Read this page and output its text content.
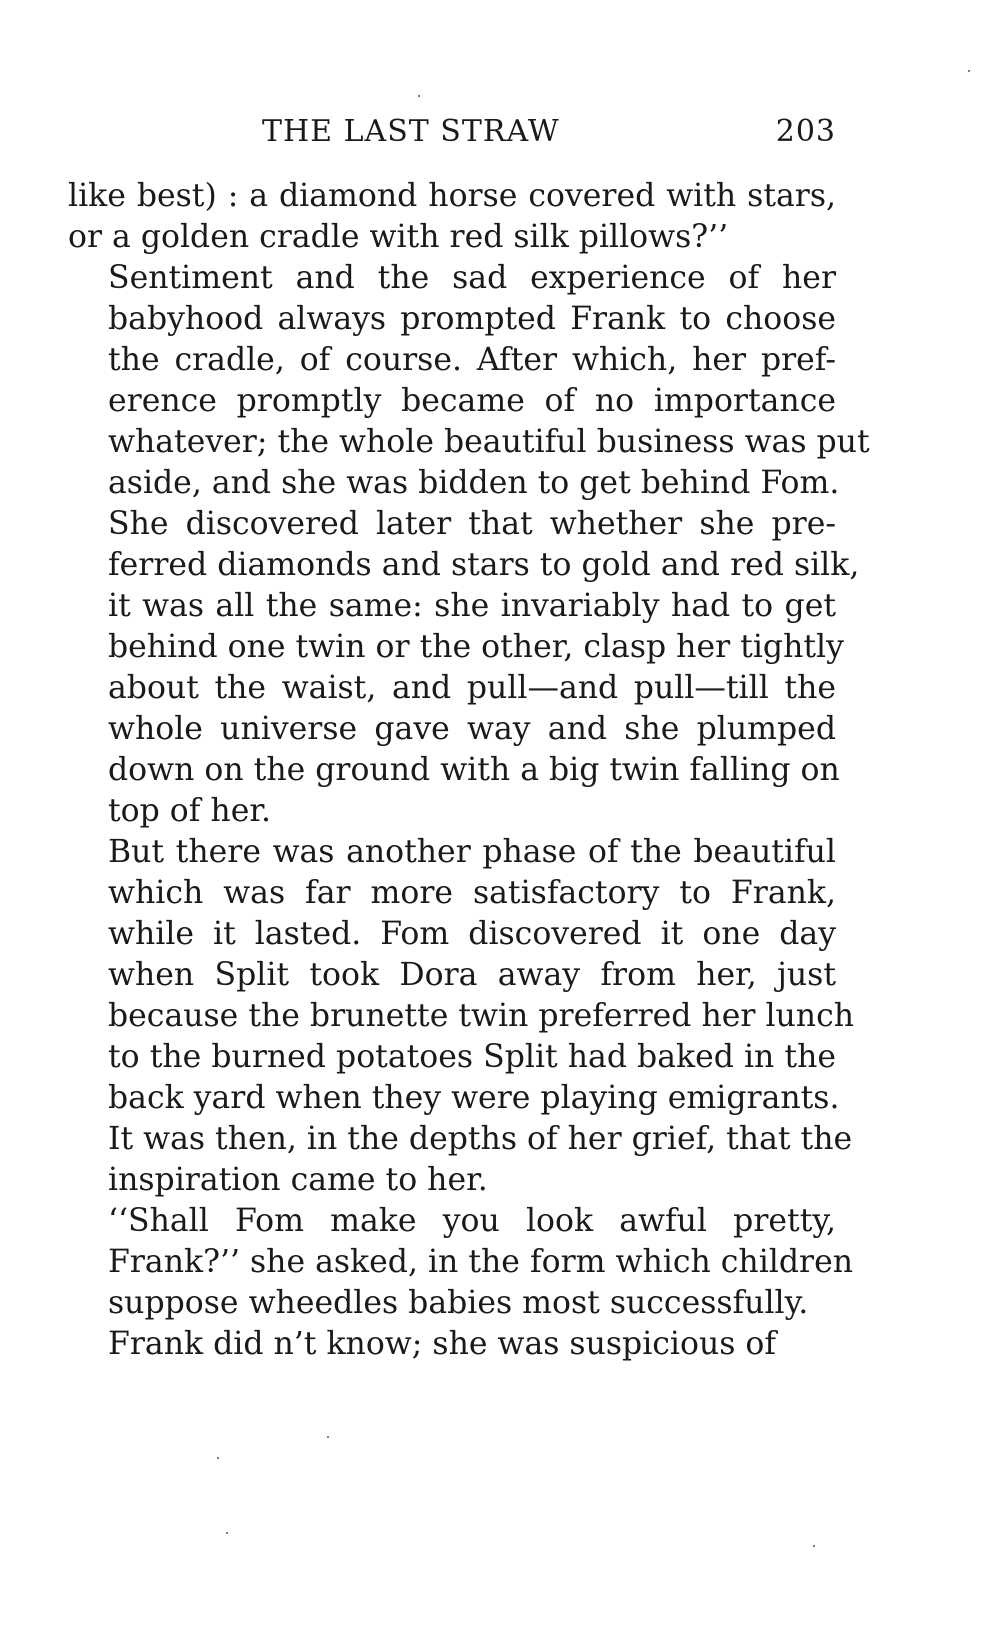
THE LAST STRAW	203

like best) : a diamond horse covered with stars,
or a golden cradle with red silk pillows?’’

Sentiment and the sad experience of her
babyhood always prompted Frank to choose
the cradle, of course. After which, her pref-
erence promptly became of no importance
whatever; the whole beautiful business was put
aside, and she was bidden to get behind Fom.
She discovered later that whether she pre-
ferred diamonds and stars to gold and red silk,
it was all the same: she invariably had to get
behind one twin or the other, clasp her tightly
about the waist, and pull—and pull—till the
whole universe gave way and she plumped
down on the ground with a big twin falling on
top of her.

But there was another phase of the beautiful
which was far more satisfactory to Frank,
while it lasted. Fom discovered it one day
when Split took Dora away from her, just
because the brunette twin preferred her lunch
to the burned potatoes Split had baked in the
back yard when they were playing emigrants.
It was then, in the depths of her grief, that the
inspiration came to her.

‘‘Shall Fom make you look awful pretty,
Frank?’’ she asked, in the form which children
suppose wheedles babies most successfully.

Frank did n’t know; she was suspicious of
